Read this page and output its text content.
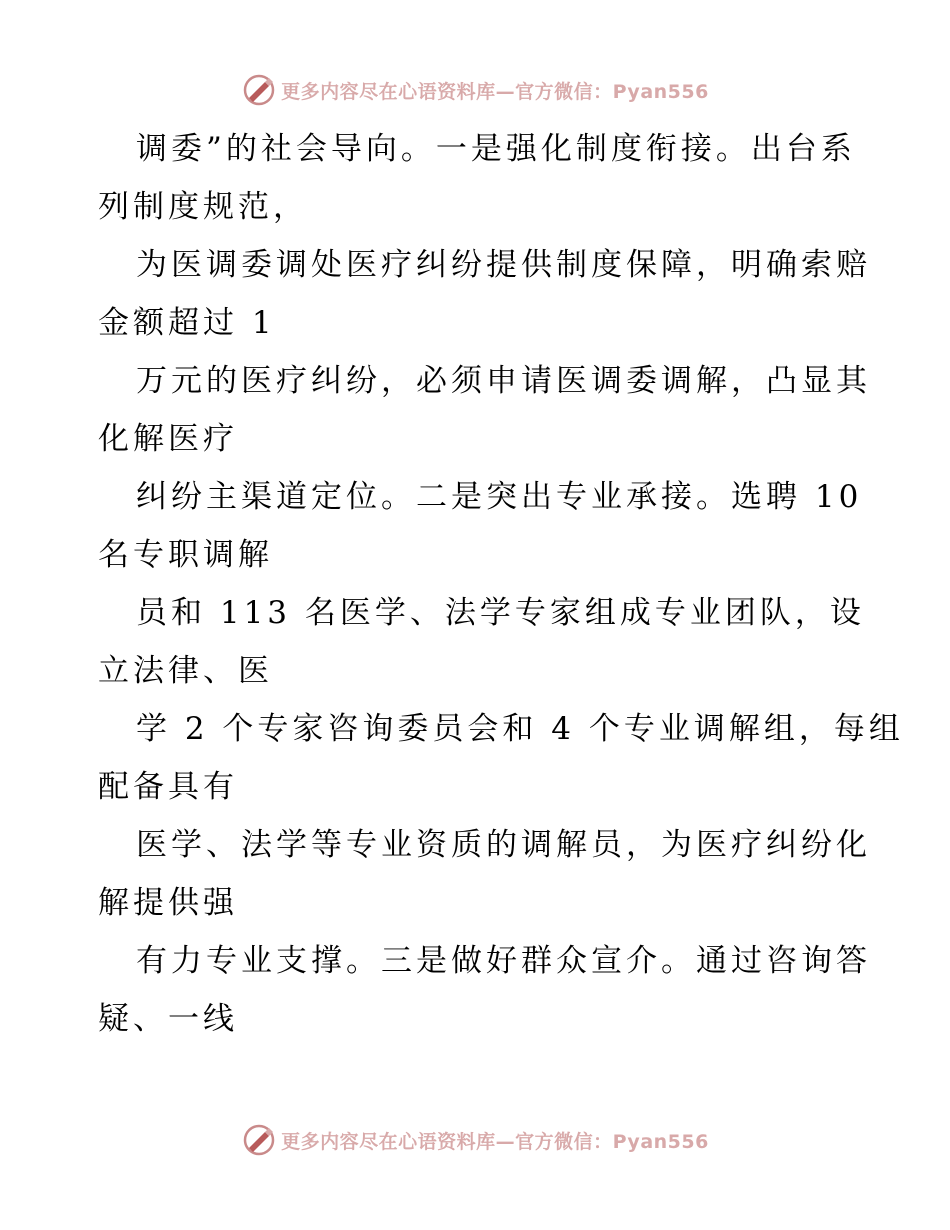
更多内容尽在心语资料库—官方微信：Pyan556
调委”的社会导向。一是强化制度衔接。出台系
列制度规范，
为医调委调处医疗纠纷提供制度保障，明确索赔
金额超过 1
万元的医疗纠纷，必须申请医调委调解，凸显其
化解医疗
纠纷主渠道定位。二是突出专业承接。选聘 10
名专职调解
员和 113 名医学、法学专家组成专业团队，设
立法律、医
学 2 个专家咨询委员会和 4 个专业调解组，每组
配备具有
医学、法学等专业资质的调解员，为医疗纠纷化
解提供强
有力专业支撑。三是做好群众宣介。通过咨询答
疑、一线
更多内容尽在心语资料库—官方微信：Pyan556
